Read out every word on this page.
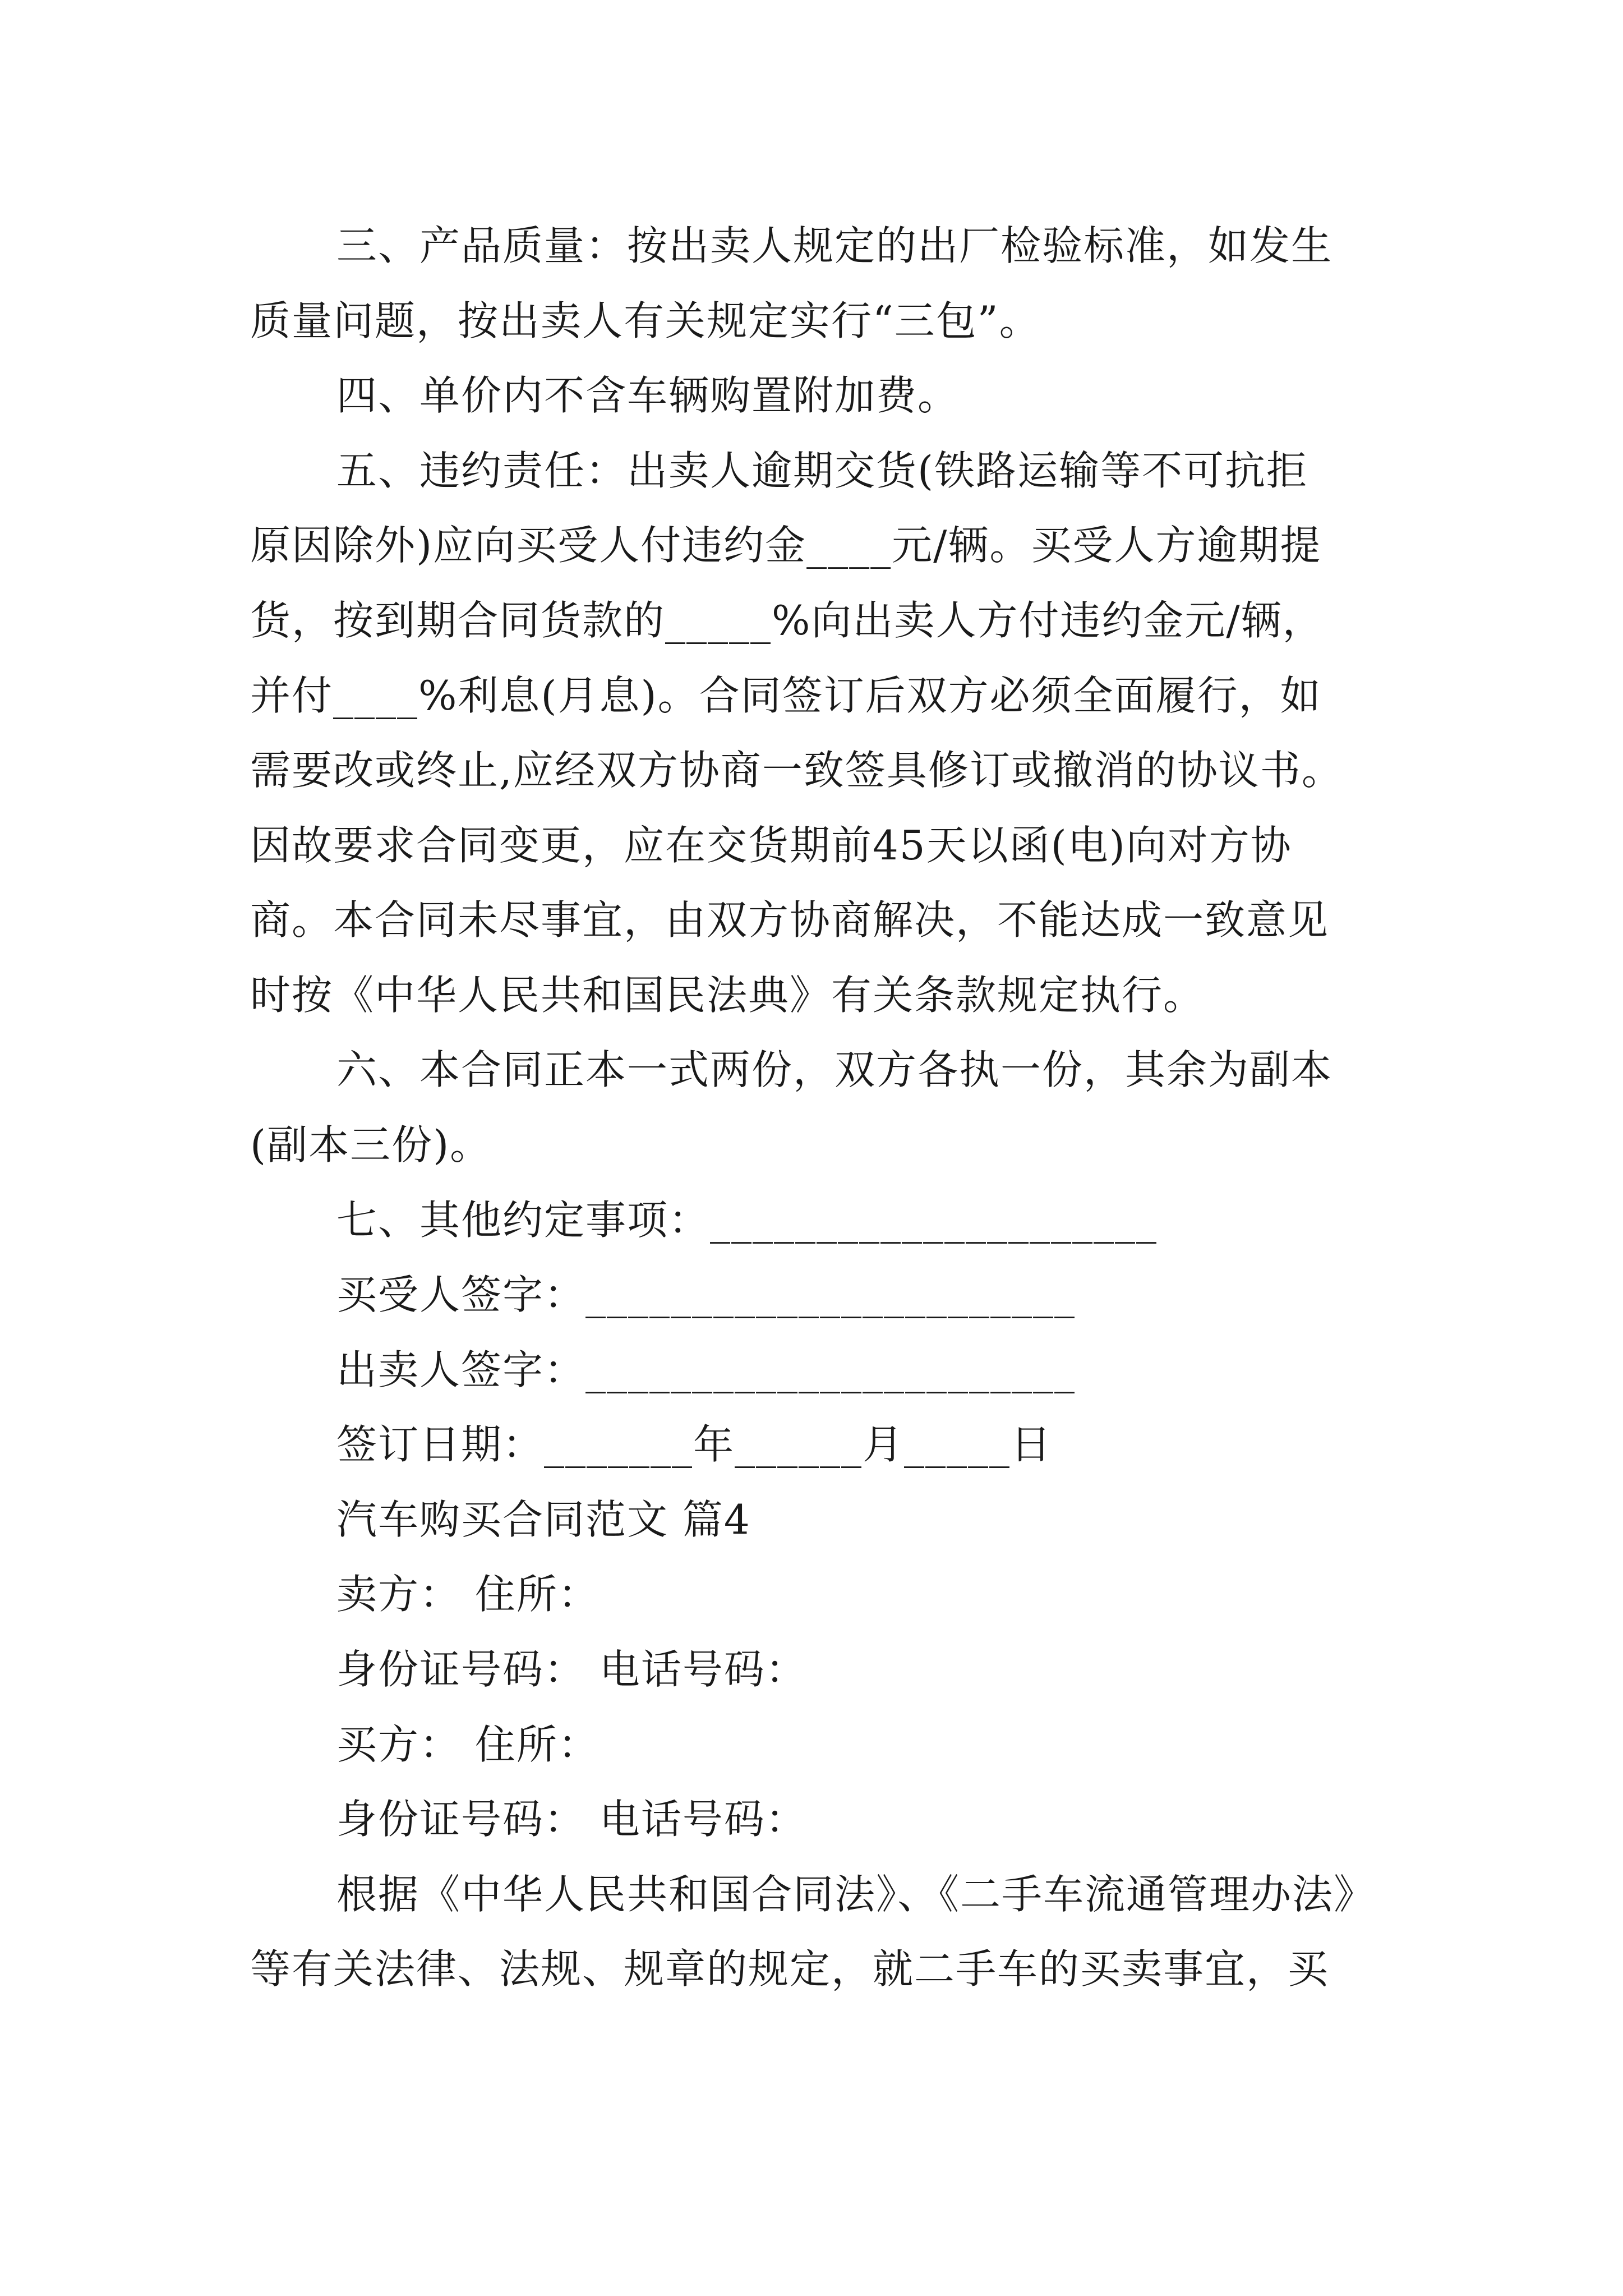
三、产品质量：按出卖人规定的出厂检验标准，如发生
质量问题，按出卖人有关规定实行“三包”。
四、单价内不含车辆购置附加费。
五、违约责任：出卖人逾期交货(铁路运输等不可抗拒
原因除外)应向买受人付违约金____元/辆。买受人方逾期提
货，按到期合同货款的_____%向出卖人方付违约金元/辆，
并付____%利息(月息)。合同签订后双方必须全面履行，如
需要改或终止,应经双方协商一致签具修订或撤消的协议书。
因故要求合同变更，应在交货期前45天以函(电)向对方协
商。本合同未尽事宜，由双方协商解决，不能达成一致意见
时按《中华人民共和国民法典》有关条款规定执行。
六、本合同正本一式两份，双方各执一份，其余为副本
(副本三份)。
七、其他约定事项：_____________________
买受人签字：_______________________
出卖人签字：_______________________
签订日期：_______年______月_____日
汽车购买合同范文 篇4
卖方： 住所：
身份证号码： 电话号码：
买方： 住所：
身份证号码： 电话号码：
根据《中华人民共和国合同法》、《二手车流通管理办法》
等有关法律、法规、规章的规定，就二手车的买卖事宜，买
